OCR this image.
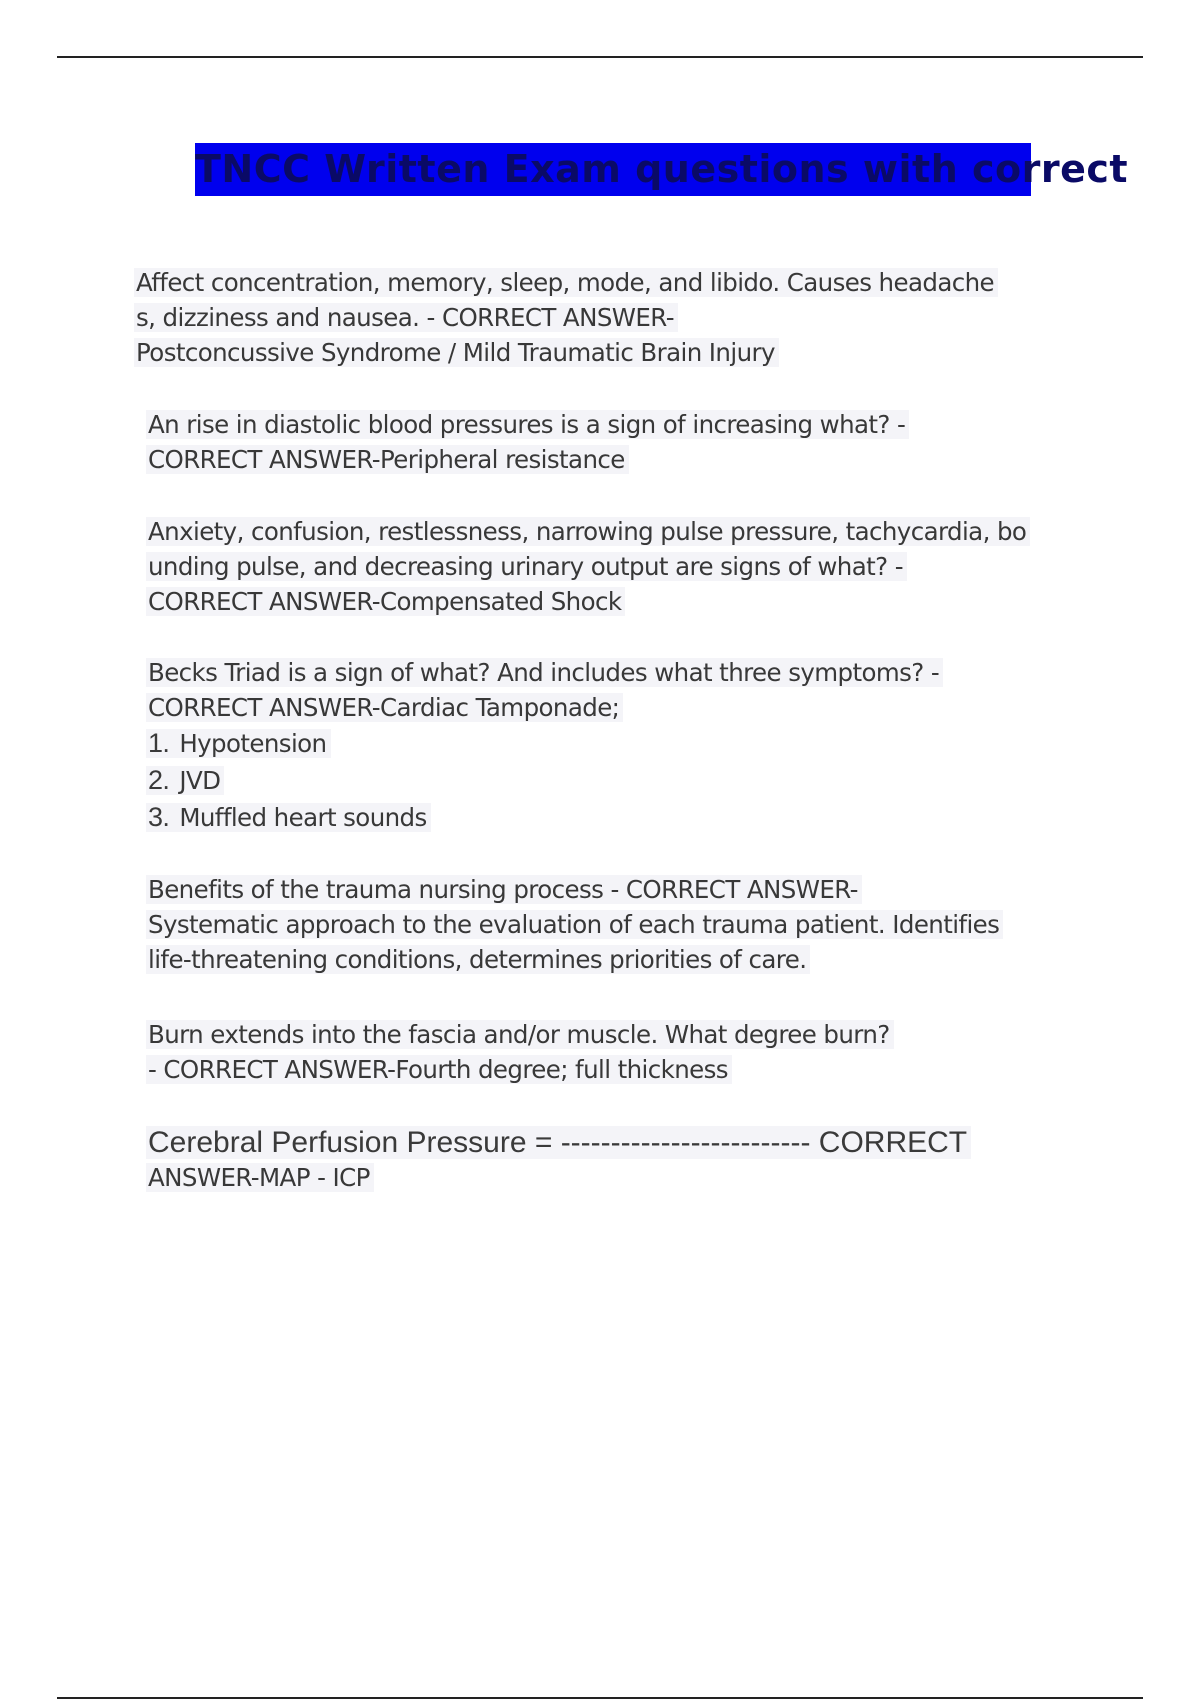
TNCC Written Exam questions with correct
Affect concentration, memory, sleep, mode, and libido. Causes headache
s, dizziness and nausea. - CORRECT ANSWER-
Postconcussive Syndrome / Mild Traumatic Brain Injury
An rise in diastolic blood pressures is a sign of increasing what? -
CORRECT ANSWER-Peripheral resistance
Anxiety, confusion, restlessness, narrowing pulse pressure, tachycardia, bo
unding pulse, and decreasing urinary output are signs of what? -
CORRECT ANSWER-Compensated Shock
Becks Triad is a sign of what? And includes what three symptoms? -
CORRECT ANSWER-Cardiac Tamponade;
1. Hypotension
2. JVD
3. Muffled heart sounds
Benefits of the trauma nursing process - CORRECT ANSWER-
Systematic approach to the evaluation of each trauma patient. Identifies
life-threatening conditions, determines priorities of care.
Burn extends into the fascia and/or muscle. What degree burn?
- CORRECT ANSWER-Fourth degree; full thickness
Cerebral Perfusion Pressure = ------------------------- CORRECT
ANSWER-MAP - ICP
